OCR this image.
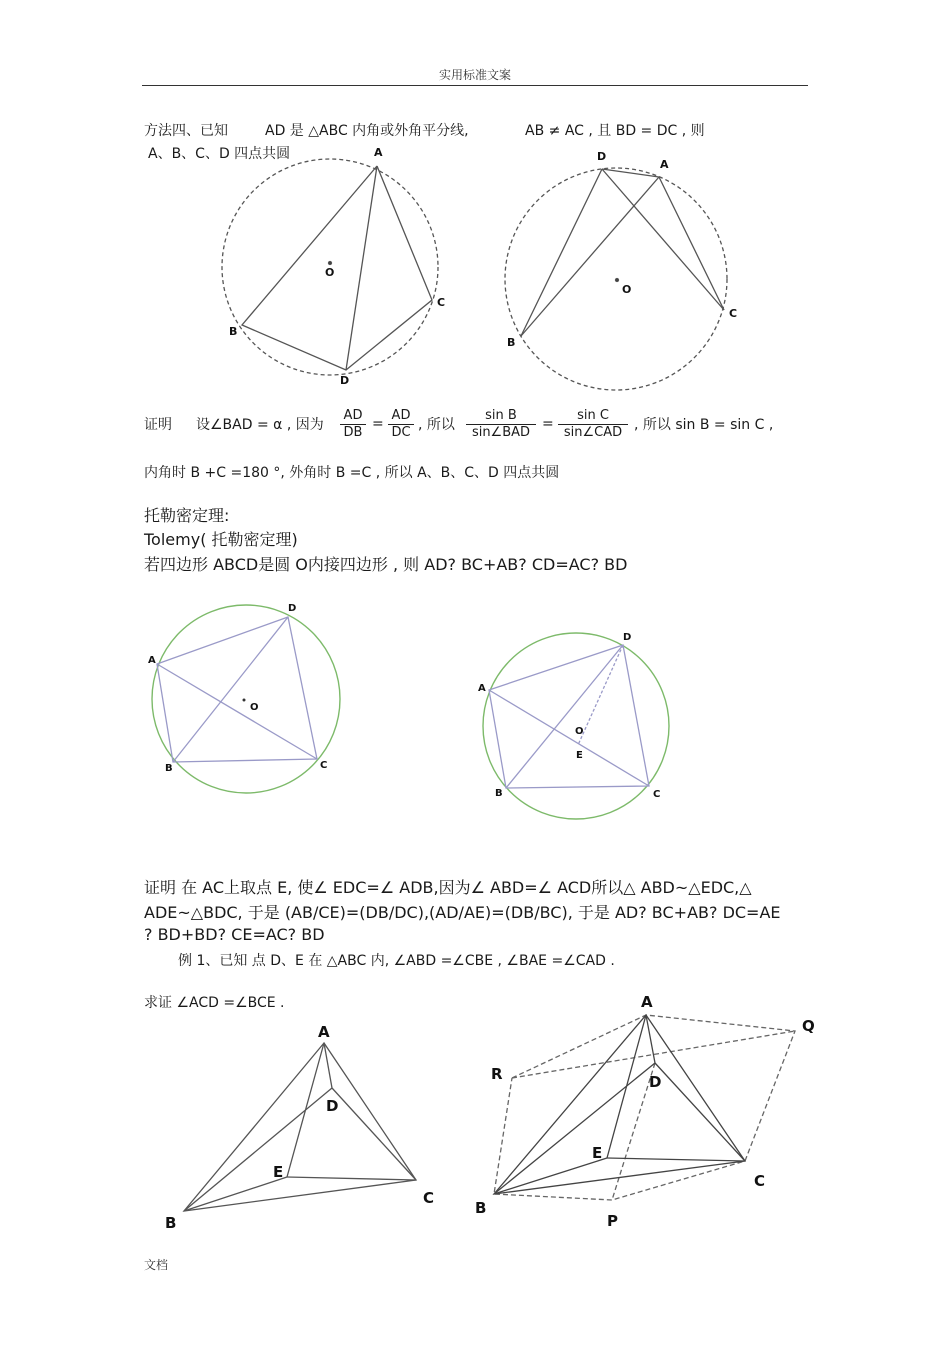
实用标准文案
方法四、已知	AD 是 △ABC 内角或外角平分线,	AB ≠ AC , 且 BD = DC , 则
A、B、C、D 四点共圆
证明 设∠BAD = α , 因为 $\frac{AD}{DB} = \frac{AD}{DC}$ , 所以
sin B
sin∠BAD
=
sin C
sin∠CAD , 所以 sin B = sin C ,
内角时 B +C =180 °, 外角时 B =C , 所以 A、B、C、D 四点共圆
托勒密定理:
Tolemy( 托勒密定理)
若四边形 ABCD是圆 O内接四边形 , 则 AD? BC+AB? CD=AC? BD
证明 在 AC上取点 E, 使∠ EDC=∠ ADB,因为∠ ABD=∠ ACD所以△ ABD~△EDC,△
ADE~△BDC, 于是 (AB/CE)=(DB/DC),(AD/AE)=(DB/BC), 于是 AD? BC+AB? DC=AE
? BD+BD? CE=AC? BD
例 1、已知 点 D、E 在 △ABC 内, ∠ABD =∠CBE , ∠BAE =∠CAD .
求证 ∠ACD =∠BCE .
文档
A
B
C
D
O
D
A
B
C
O
D
A
O
B	C
D
A
O
E
B	C
A
D
E
C
B
A
Q
R	D
E
C
B
P
